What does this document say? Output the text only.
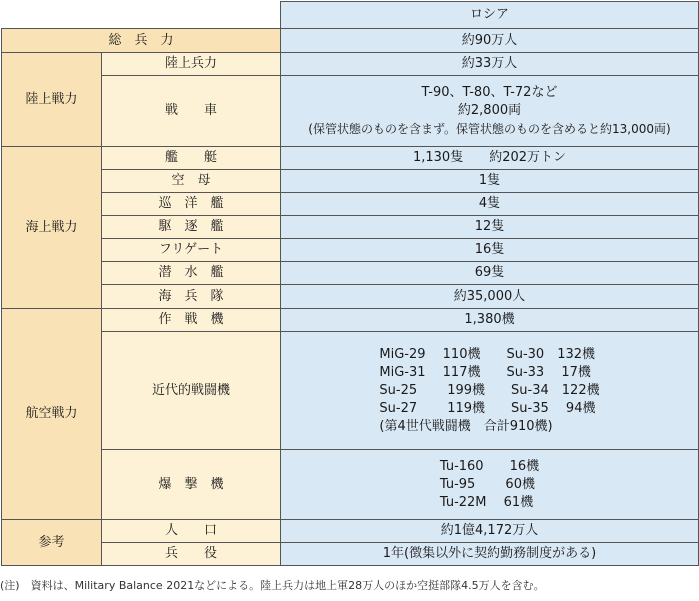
		ロシア
総　兵　力		約90万人
陸上戦力	陸上兵力	約33万人
	戦　　車	T-90、T-80、T-72など
約2,800両
(保管状態のものを含まず。保管状態のものを含めると約13,000両)

海上戦力	艦　　艇	1,130隻　　約202万トン
	空　母	1隻
	巡　洋　艦	4隻
	駆　逐　艦	12隻
	フリゲート	16隻
	潜　水　艦	69隻
	海　兵　隊	約35,000人
航空戦力	作　戦　機	1,380機
	近代的戦闘機	MiG-29　 110機　　Su-30　132機
MiG-31　 117機　　Su-33　 17機
Su-25　　 199機　　Su-34　122機
Su-27　　 119機　　Su-35　 94機
(第4世代戦闘機　合計910機)

	爆　撃　機	Tu-160　　16機
Tu-95　　 60機
Tu-22M　 61機

参考	人　　口	約1億4,172万人
	兵　　役	1年(徴集以外に契約勤務制度がある)
(注)　資料は、Military Balance 2021などによる。陸上兵力は地上軍28万人のほか空挺部隊4.5万人を含む。
